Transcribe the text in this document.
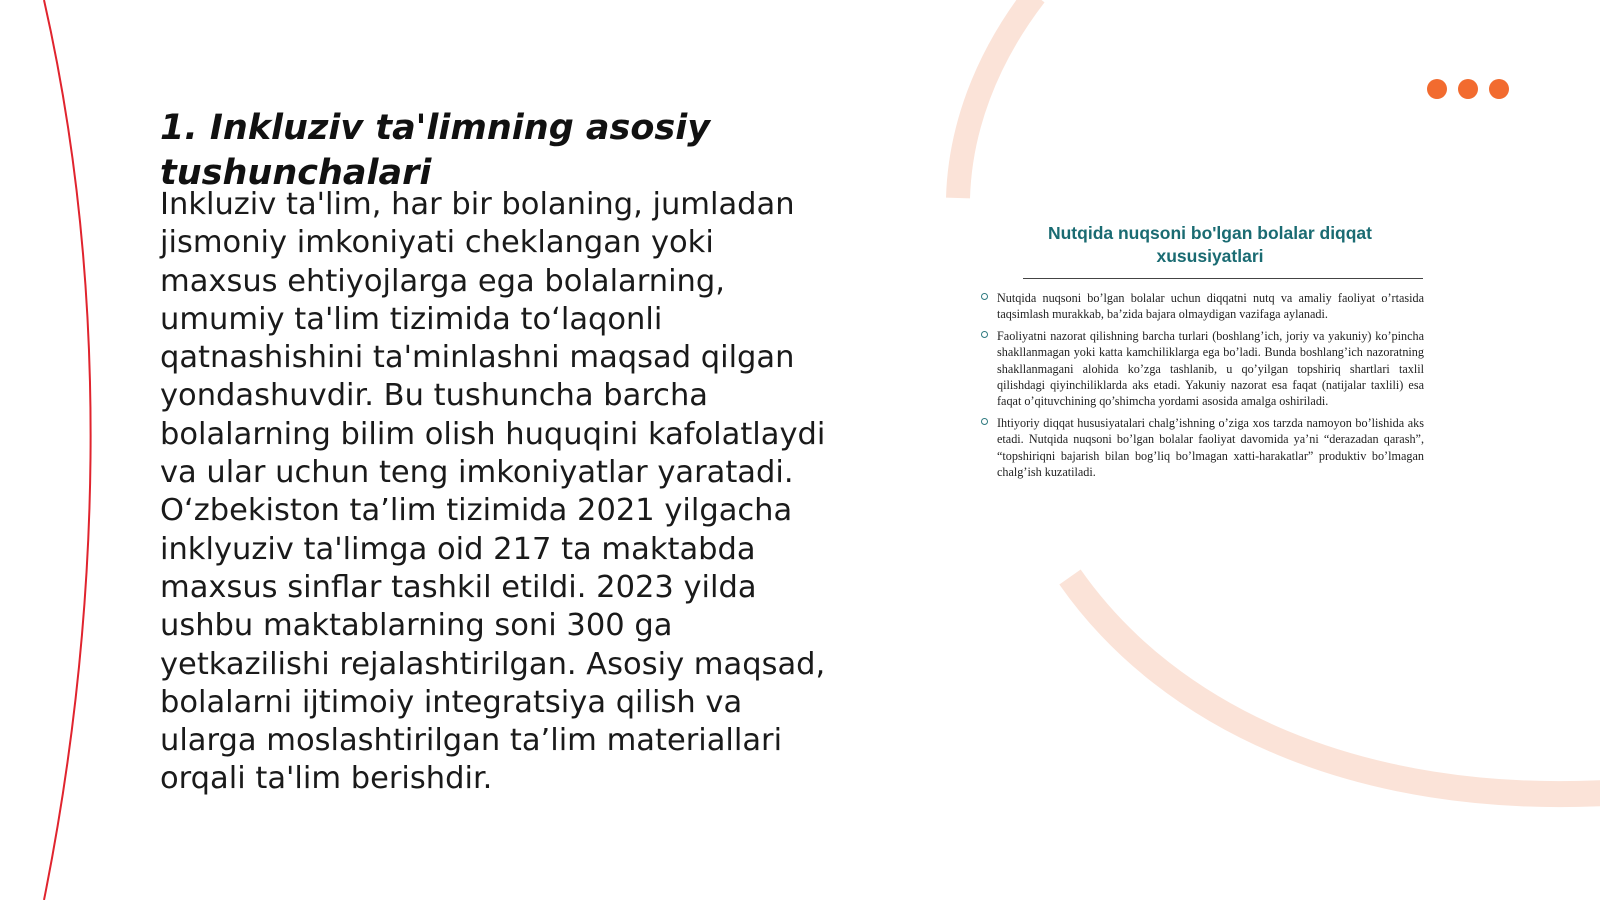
1. Inkluziv ta'limning asosiy tushunchalari

Inkluziv ta'lim, har bir bolaning, jumladan jismoniy imkoniyati cheklangan yoki maxsus ehtiyojlarga ega bolalarning, umumiy ta'lim tizimida to‘laqonli qatnashishini ta'minlashni maqsad qilgan yondashuvdir. Bu tushuncha barcha bolalarning bilim olish huquqini kafolatlaydi va ular uchun teng imkoniyatlar yaratadi. O‘zbekiston ta’lim tizimida 2021 yilgacha inklyuziv ta'limga oid 217 ta maktabda maxsus sinflar tashkil etildi. 2023 yilda ushbu maktablarning soni 300 ga yetkazilishi rejalashtirilgan. Asosiy maqsad, bolalarni ijtimoiy integratsiya qilish va ularga moslashtirilgan ta’lim materiallari orqali ta'lim berishdir.

Nutqida nuqsoni bo'lgan bolalar diqqat xususiyatlari
Nutqida nuqsoni bo’lgan bolalar uchun diqqatni nutq va amaliy faoliyat o’rtasida taqsimlash murakkab, ba’zida bajara olmaydigan vazifaga aylanadi.
Faoliyatni nazorat qilishning barcha turlari (boshlang’ich, joriy va yakuniy) ko’pincha shakllanmagan yoki katta kamchiliklarga ega bo’ladi. Bunda boshlang’ich nazoratning shakllanmagani alohida ko’zga tashlanib, u qo’yilgan topshiriq shartlari taxlil qilishdagi qiyinchiliklarda aks etadi. Yakuniy nazorat esa faqat (natijalar taxlili) esa faqat o’qituvchining qo’shimcha yordami asosida amalga oshiriladi.
Ihtiyoriy diqqat hususiyatalari chalg’ishning o’ziga xos tarzda namoyon bo’lishida aks etadi. Nutqida nuqsoni bo’lgan bolalar faoliyat davomida ya’ni “derazadan qarash”, “topshiriqni bajarish bilan bog’liq bo’lmagan xatti-harakatlar” produktiv bo’lmagan chalg’ish kuzatiladi.
